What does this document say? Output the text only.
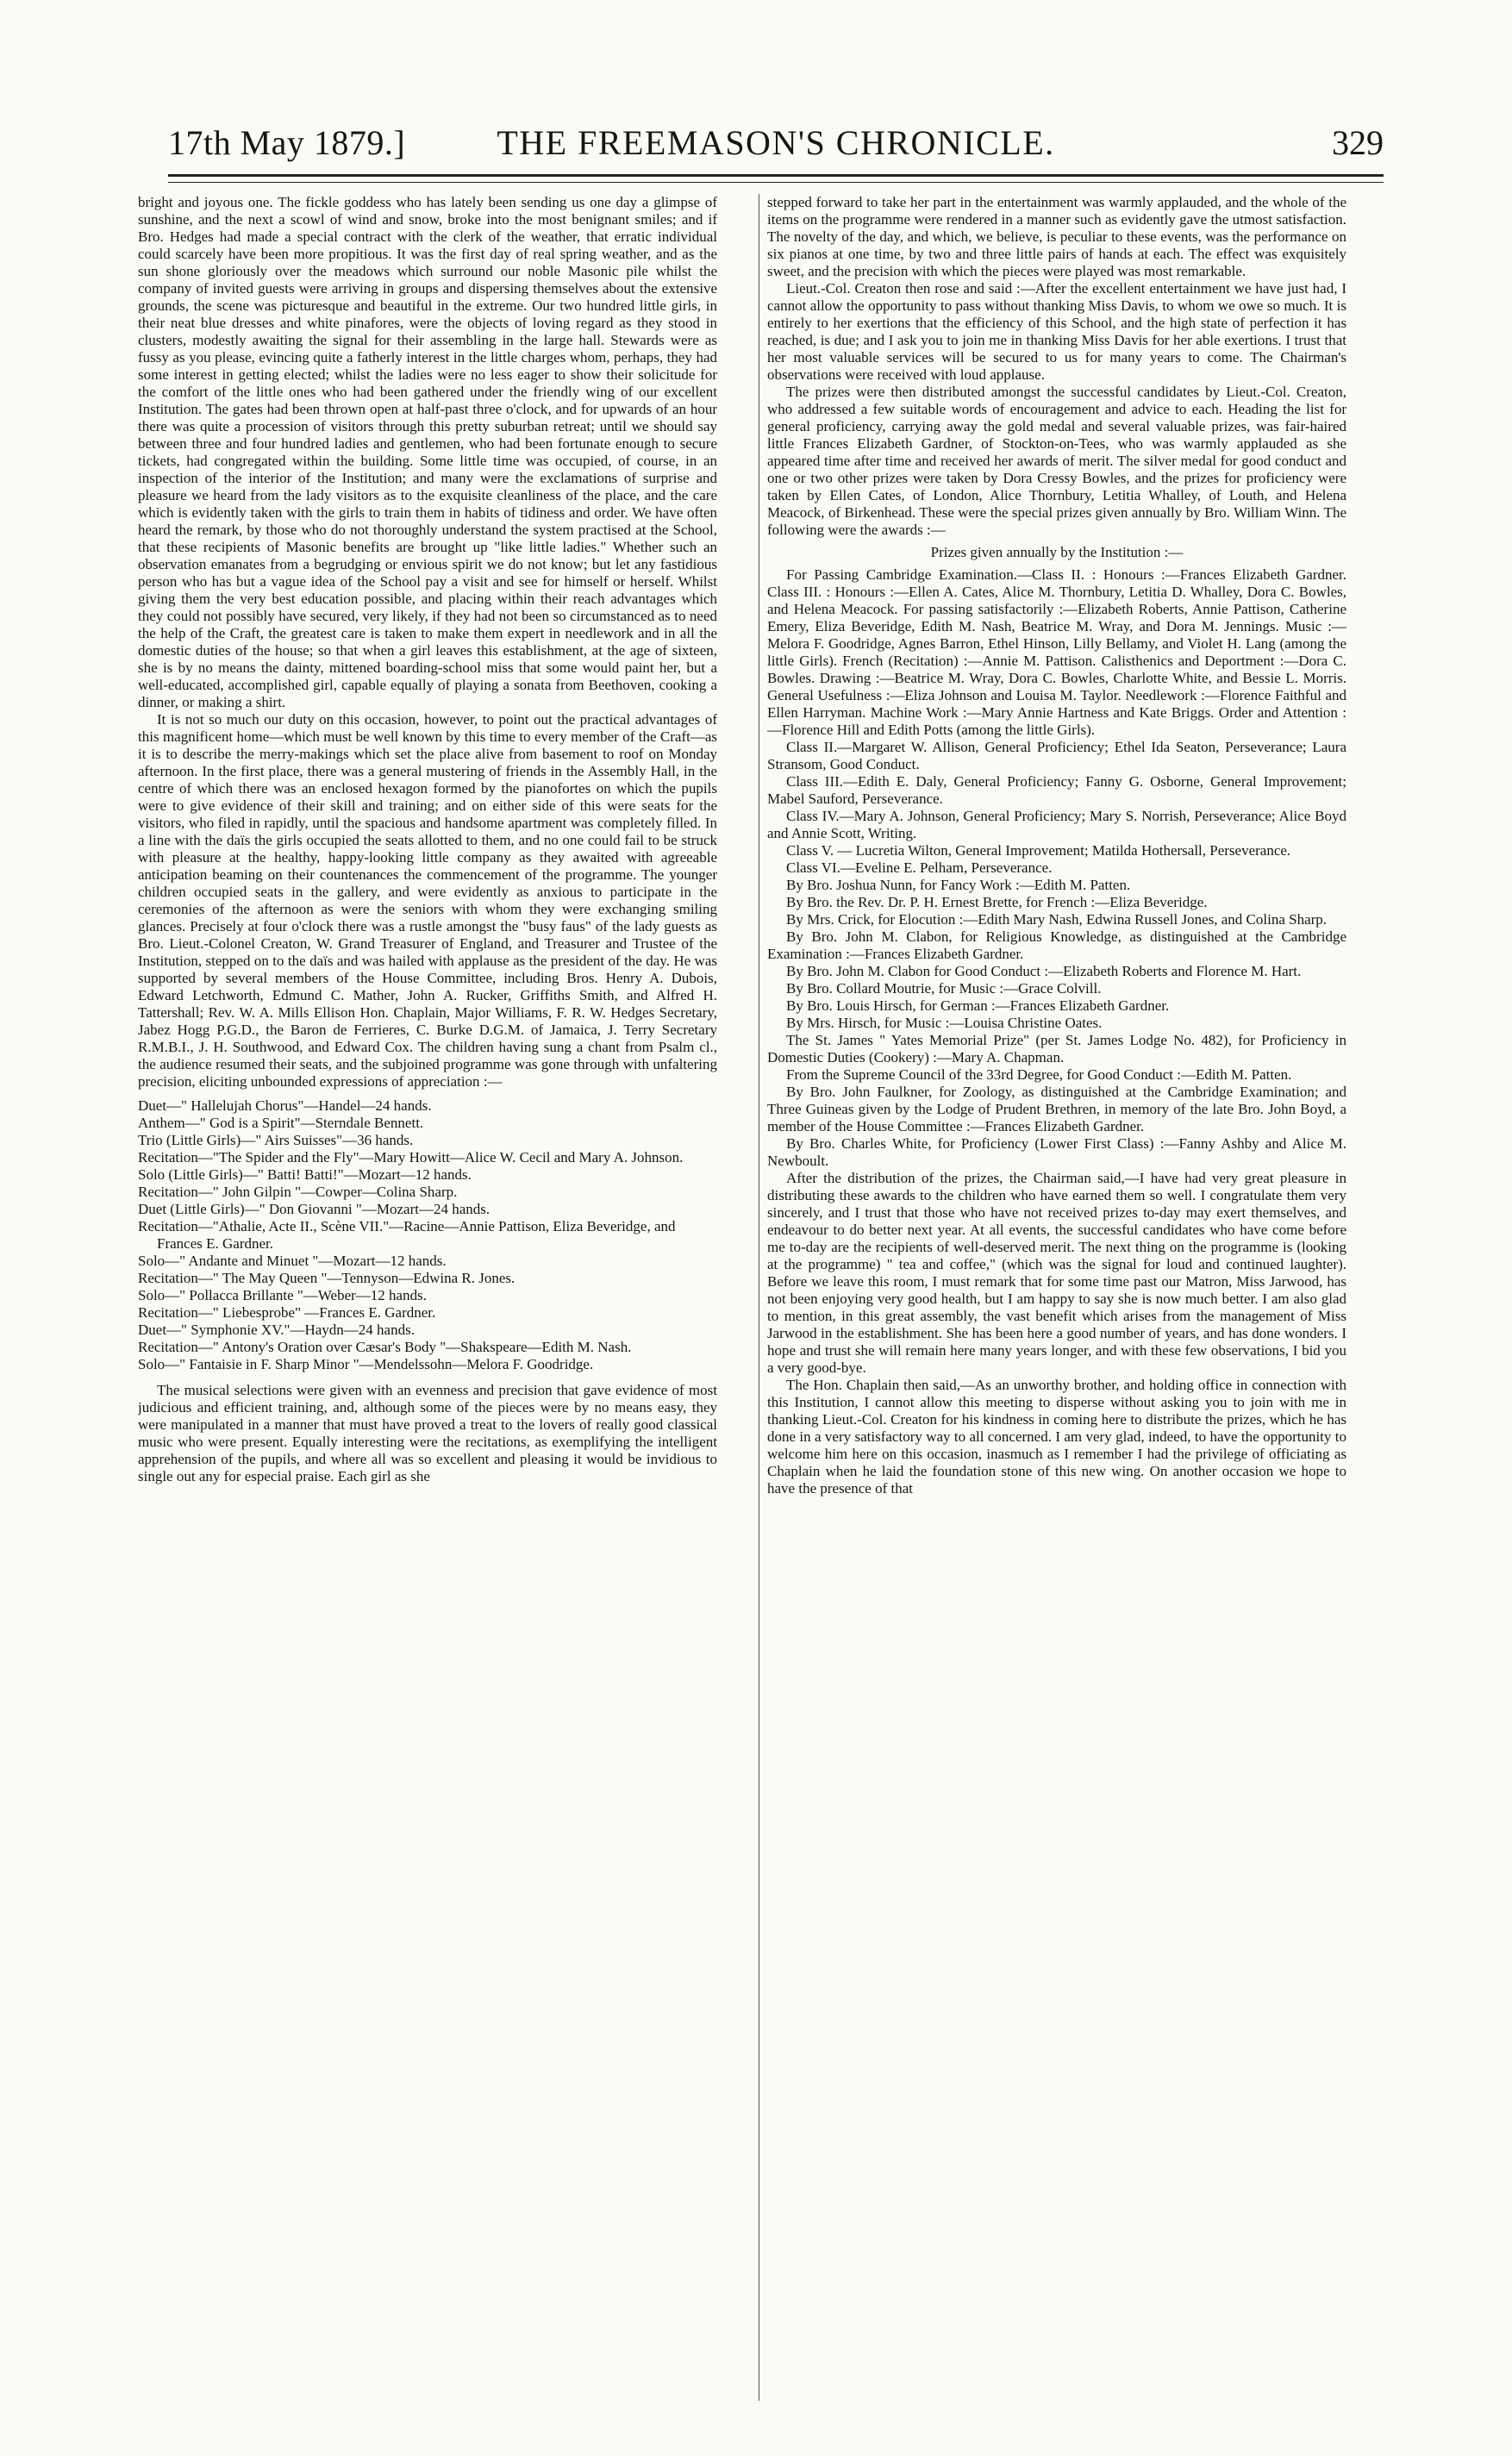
17th May 1879.]	THE FREEMASON'S CHRONICLE.	329

bright and joyous one. The fickle goddess who has lately been sending us one day a glimpse of sunshine, and the next a scowl of wind and snow, broke into the most benignant smiles; and if Bro. Hedges had made a special contract with the clerk of the weather, that erratic individual could scarcely have been more propitious. It was the first day of real spring weather, and as the sun shone gloriously over the meadows which surround our noble Masonic pile whilst the company of invited guests were arriving in groups and dispersing themselves about the extensive grounds, the scene was picturesque and beautiful in the extreme. Our two hundred little girls, in their neat blue dresses and white pinafores, were the objects of loving regard as they stood in clusters, modestly awaiting the signal for their assembling in the large hall. Stewards were as fussy as you please, evincing quite a fatherly interest in the little charges whom, perhaps, they had some interest in getting elected; whilst the ladies were no less eager to show their solicitude for the comfort of the little ones who had been gathered under the friendly wing of our excellent Institution. The gates had been thrown open at half-past three o'clock, and for upwards of an hour there was quite a procession of visitors through this pretty suburban retreat; until we should say between three and four hundred ladies and gentlemen, who had been fortunate enough to secure tickets, had congregated within the building. Some little time was occupied, of course, in an inspection of the interior of the Institution; and many were the exclamations of surprise and pleasure we heard from the lady visitors as to the exquisite cleanliness of the place, and the care which is evidently taken with the girls to train them in habits of tidiness and order. We have often heard the remark, by those who do not thoroughly understand the system practised at the School, that these recipients of Masonic benefits are brought up "like little ladies." Whether such an observation emanates from a begrudging or envious spirit we do not know; but let any fastidious person who has but a vague idea of the School pay a visit and see for himself or herself. Whilst giving them the very best education possible, and placing within their reach advantages which they could not possibly have secured, very likely, if they had not been so circumstanced as to need the help of the Craft, the greatest care is taken to make them expert in needlework and in all the domestic duties of the house; so that when a girl leaves this establishment, at the age of sixteen, she is by no means the dainty, mittened boarding-school miss that some would paint her, but a well-educated, accomplished girl, capable equally of playing a sonata from Beethoven, cooking a dinner, or making a shirt.

It is not so much our duty on this occasion, however, to point out the practical advantages of this magnificent home—which must be well known by this time to every member of the Craft—as it is to describe the merry-makings which set the place alive from basement to roof on Monday afternoon. In the first place, there was a general mustering of friends in the Assembly Hall, in the centre of which there was an enclosed hexagon formed by the pianofortes on which the pupils were to give evidence of their skill and training; and on either side of this were seats for the visitors, who filed in rapidly, until the spacious and handsome apartment was completely filled. In a line with the daïs the girls occupied the seats allotted to them, and no one could fail to be struck with pleasure at the healthy, happy-looking little company as they awaited with agreeable anticipation beaming on their countenances the commencement of the programme. The younger children occupied seats in the gallery, and were evidently as anxious to participate in the ceremonies of the afternoon as were the seniors with whom they were exchanging smiling glances. Precisely at four o'clock there was a rustle amongst the "busy faus" of the lady guests as Bro. Lieut.-Colonel Creaton, W. Grand Treasurer of England, and Treasurer and Trustee of the Institution, stepped on to the daïs and was hailed with applause as the president of the day. He was supported by several members of the House Committee, including Bros. Henry A. Dubois, Edward Letchworth, Edmund C. Mather, John A. Rucker, Griffiths Smith, and Alfred H. Tattershall; Rev. W. A. Mills Ellison Hon. Chaplain, Major Williams, F. R. W. Hedges Secretary, Jabez Hogg P.G.D., the Baron de Ferrieres, C. Burke D.G.M. of Jamaica, J. Terry Secretary R.M.B.I., J. H. Southwood, and Edward Cox. The children having sung a chant from Psalm cl., the audience resumed their seats, and the subjoined programme was gone through with unfaltering precision, eliciting unbounded expressions of appreciation :—

Duet—" Hallelujah Chorus"—Handel—24 hands.

Anthem—" God is a Spirit"—Sterndale Bennett.

Trio (Little Girls)—" Airs Suisses"—36 hands.

Recitation—"The Spider and the Fly"—Mary Howitt—Alice W. Cecil and Mary A. Johnson.

Solo (Little Girls)—" Batti! Batti!"—Mozart—12 hands.

Recitation—" John Gilpin "—Cowper—Colina Sharp.

Duet (Little Girls)—" Don Giovanni "—Mozart—24 hands.

Recitation—"Athalie, Acte II., Scène VII."—Racine—Annie Pattison, Eliza Beveridge, and Frances E. Gardner.

Solo—" Andante and Minuet "—Mozart—12 hands.

Recitation—" The May Queen "—Tennyson—Edwina R. Jones.

Solo—" Pollacca Brillante "—Weber—12 hands.

Recitation—" Liebesprobe" —Frances E. Gardner.

Duet—" Symphonie XV."—Haydn—24 hands.

Recitation—" Antony's Oration over Cæsar's Body "—Shakspeare—Edith M. Nash.

Solo—" Fantaisie in F. Sharp Minor "—Mendelssohn—Melora F. Goodridge.

The musical selections were given with an evenness and precision that gave evidence of most judicious and efficient training, and, although some of the pieces were by no means easy, they were manipulated in a manner that must have proved a treat to the lovers of really good classical music who were present. Equally interesting were the recitations, as exemplifying the intelligent apprehension of the pupils, and where all was so excellent and pleasing it would be invidious to single out any for especial praise. Each girl as she

stepped forward to take her part in the entertainment was warmly applauded, and the whole of the items on the programme were rendered in a manner such as evidently gave the utmost satisfaction. The novelty of the day, and which, we believe, is peculiar to these events, was the performance on six pianos at one time, by two and three little pairs of hands at each. The effect was exquisitely sweet, and the precision with which the pieces were played was most remarkable.

Lieut.-Col. Creaton then rose and said :—After the excellent entertainment we have just had, I cannot allow the opportunity to pass without thanking Miss Davis, to whom we owe so much. It is entirely to her exertions that the efficiency of this School, and the high state of perfection it has reached, is due; and I ask you to join me in thanking Miss Davis for her able exertions. I trust that her most valuable services will be secured to us for many years to come. The Chairman's observations were received with loud applause.

The prizes were then distributed amongst the successful candidates by Lieut.-Col. Creaton, who addressed a few suitable words of encouragement and advice to each. Heading the list for general proficiency, carrying away the gold medal and several valuable prizes, was fair-haired little Frances Elizabeth Gardner, of Stockton-on-Tees, who was warmly applauded as she appeared time after time and received her awards of merit. The silver medal for good conduct and one or two other prizes were taken by Dora Cressy Bowles, and the prizes for proficiency were taken by Ellen Cates, of London, Alice Thornbury, Letitia Whalley, of Louth, and Helena Meacock, of Birkenhead. These were the special prizes given annually by Bro. William Winn. The following were the awards :—

Prizes given annually by the Institution :—

For Passing Cambridge Examination.—Class II. : Honours :—Frances Elizabeth Gardner. Class III. : Honours :—Ellen A. Cates, Alice M. Thornbury, Letitia D. Whalley, Dora C. Bowles, and Helena Meacock. For passing satisfactorily :—Elizabeth Roberts, Annie Pattison, Catherine Emery, Eliza Beveridge, Edith M. Nash, Beatrice M. Wray, and Dora M. Jennings. Music :—Melora F. Goodridge, Agnes Barron, Ethel Hinson, Lilly Bellamy, and Violet H. Lang (among the little Girls). French (Recitation) :—Annie M. Pattison. Calisthenics and Deportment :—Dora C. Bowles. Drawing :—Beatrice M. Wray, Dora C. Bowles, Charlotte White, and Bessie L. Morris. General Usefulness :—Eliza Johnson and Louisa M. Taylor. Needlework :—Florence Faithful and Ellen Harryman. Machine Work :—Mary Annie Hartness and Kate Briggs. Order and Attention :—Florence Hill and Edith Potts (among the little Girls).

Class II.—Margaret W. Allison, General Proficiency; Ethel Ida Seaton, Perseverance; Laura Stransom, Good Conduct.

Class III.—Edith E. Daly, General Proficiency; Fanny G. Osborne, General Improvement; Mabel Sauford, Perseverance.

Class IV.—Mary A. Johnson, General Proficiency; Mary S. Norrish, Perseverance; Alice Boyd and Annie Scott, Writing.

Class V. — Lucretia Wilton, General Improvement; Matilda Hothersall, Perseverance.

Class VI.—Eveline E. Pelham, Perseverance.

By Bro. Joshua Nunn, for Fancy Work :—Edith M. Patten.

By Bro. the Rev. Dr. P. H. Ernest Brette, for French :—Eliza Beveridge.

By Mrs. Crick, for Elocution :—Edith Mary Nash, Edwina Russell Jones, and Colina Sharp.

By Bro. John M. Clabon, for Religious Knowledge, as distinguished at the Cambridge Examination :—Frances Elizabeth Gardner.

By Bro. John M. Clabon for Good Conduct :—Elizabeth Roberts and Florence M. Hart.

By Bro. Collard Moutrie, for Music :—Grace Colvill.

By Bro. Louis Hirsch, for German :—Frances Elizabeth Gardner.

By Mrs. Hirsch, for Music :—Louisa Christine Oates.

The St. James " Yates Memorial Prize" (per St. James Lodge No. 482), for Proficiency in Domestic Duties (Cookery) :—Mary A. Chapman.

From the Supreme Council of the 33rd Degree, for Good Conduct :—Edith M. Patten.

By Bro. John Faulkner, for Zoology, as distinguished at the Cambridge Examination; and Three Guineas given by the Lodge of Prudent Brethren, in memory of the late Bro. John Boyd, a member of the House Committee :—Frances Elizabeth Gardner.

By Bro. Charles White, for Proficiency (Lower First Class) :—Fanny Ashby and Alice M. Newboult.

After the distribution of the prizes, the Chairman said,—I have had very great pleasure in distributing these awards to the children who have earned them so well. I congratulate them very sincerely, and I trust that those who have not received prizes to-day may exert themselves, and endeavour to do better next year. At all events, the successful candidates who have come before me to-day are the recipients of well-deserved merit. The next thing on the programme is (looking at the programme) " tea and coffee," (which was the signal for loud and continued laughter). Before we leave this room, I must remark that for some time past our Matron, Miss Jarwood, has not been enjoying very good health, but I am happy to say she is now much better. I am also glad to mention, in this great assembly, the vast benefit which arises from the management of Miss Jarwood in the establishment. She has been here a good number of years, and has done wonders. I hope and trust she will remain here many years longer, and with these few observations, I bid you a very good-bye.

The Hon. Chaplain then said,—As an unworthy brother, and holding office in connection with this Institution, I cannot allow this meeting to disperse without asking you to join with me in thanking Lieut.-Col. Creaton for his kindness in coming here to distribute the prizes, which he has done in a very satisfactory way to all concerned. I am very glad, indeed, to have the opportunity to welcome him here on this occasion, inasmuch as I remember I had the privilege of officiating as Chaplain when he laid the foundation stone of this new wing. On another occasion we hope to have the presence of that
